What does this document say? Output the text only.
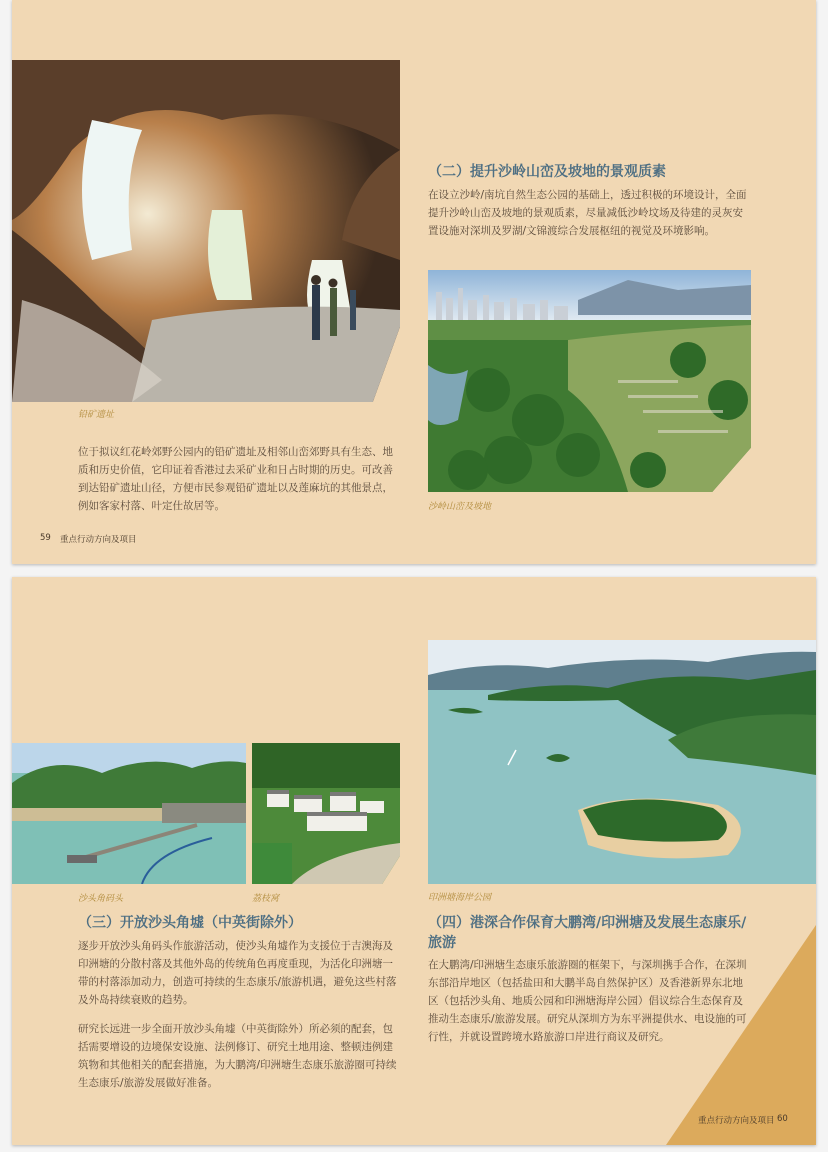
铅矿遗址

位于拟议红花岭郊野公园内的铅矿遗址及相邻山峦郊野具有生态、地质和历史价值，它印证着香港过去采矿业和日占时期的历史。可改善到达铅矿遗址山径，方便市民参观铅矿遗址以及莲麻坑的其他景点，例如客家村落、叶定仕故居等。

（二）提升沙岭山峦及坡地的景观质素

在设立沙岭/南坑自然生态公园的基础上，透过积极的环境设计，全面提升沙岭山峦及坡地的景观质素，尽量减低沙岭坟场及待建的灵灰安置设施对深圳及罗湖/文锦渡综合发展枢纽的视觉及环境影响。

沙岭山峦及坡地
59 重点行动方向及项目
沙头角码头	荔枝窝	印洲塘海岸公园
（三）开放沙头角墟（中英街除外）

逐步开放沙头角码头作旅游活动，使沙头角墟作为支援位于吉澳海及印洲塘的分散村落及其他外岛的传统角色再度重现，为活化印洲塘一带的村落添加动力，创造可持续的生态康乐/旅游机遇，避免这些村落及外岛持续衰败的趋势。

研究长远进一步全面开放沙头角墟（中英街除外）所必须的配套，包括需要增设的边境保安设施、法例修订、研究土地用途、整顿违例建筑物和其他相关的配套措施，为大鹏湾/印洲塘生态康乐旅游圈可持续生态康乐/旅游发展做好准备。

（四）港深合作保育大鹏湾/印洲塘及发展生态康乐/旅游

在大鹏湾/印洲塘生态康乐旅游圈的框架下，与深圳携手合作，在深圳东部沿岸地区（包括盐田和大鹏半岛自然保护区）及香港新界东北地区（包括沙头角、地质公园和印洲塘海岸公园）倡议综合生态保育及推动生态康乐/旅游发展。研究从深圳方为东平洲提供水、电设施的可行性，并就设置跨境水路旅游口岸进行商议及研究。

重点行动方向及项目 60
